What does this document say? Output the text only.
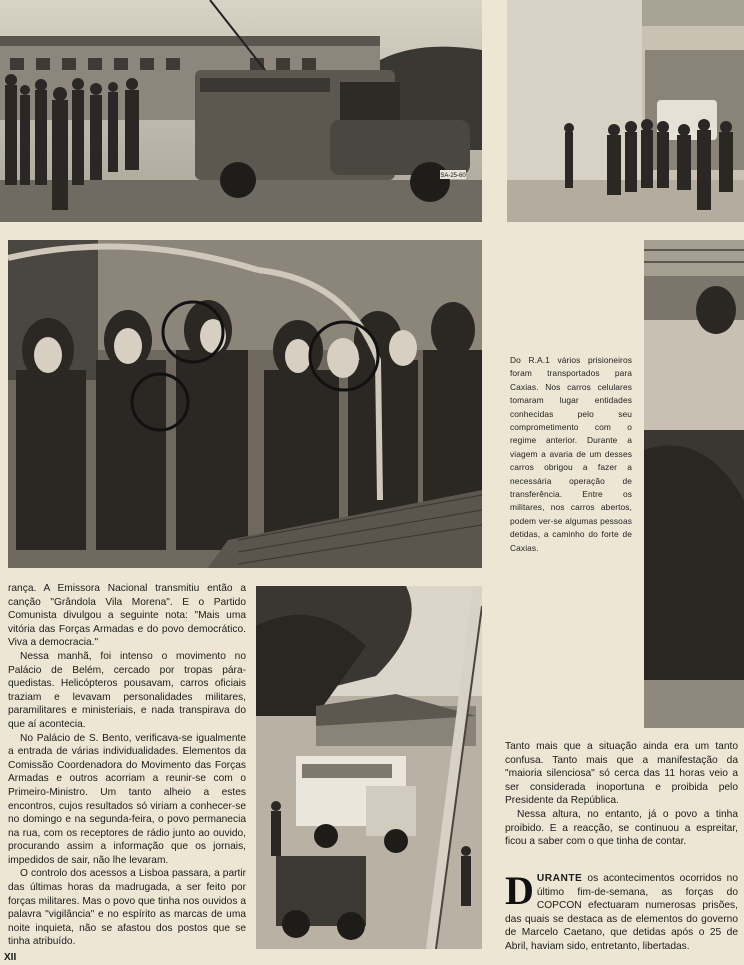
SA-25-60

Do R.A.1 vários prisioneiros foram transportados para Caxias. Nos carros celulares tomaram lugar entidades conhecidas pelo seu comprometimento com o regime anterior. Durante a viagem a avaria de um desses carros obrigou a fazer a necessária operação de transferência. Entre os militares, nos carros abertos, podem ver-se algumas pessoas detidas, a caminho do forte de Caxias.

rança. A Emissora Nacional transmitiu então a canção "Grândola Vila Morena". E o Partido Comunista divulgou a seguinte nota: "Mais uma vitória das Forças Armadas e do povo democrático. Viva a democracia."

Nessa manhã, foi intenso o movimento no Palácio de Belém, cercado por tropas pára-quedistas. Helicópteros pousavam, carros oficiais traziam e levavam personalidades militares, paramilitares e ministeriais, e nada transpirava do que aí acontecia.

No Palácio de S. Bento, verificava-se igualmente a entrada de várias individualidades. Elementos da Comissão Coordenadora do Movimento das Forças Armadas e outros acorriam a reunir-se com o Primeiro-Ministro. Um tanto alheio a estes encontros, cujos resultados só viriam a conhecer-se no domingo e na segunda-feira, o povo permanecia na rua, com os receptores de rádio junto ao ouvido, procurando assim a informação que os jornais, impedidos de sair, não lhe levaram.

O controlo dos acessos a Lisboa passara, a partir das últimas horas da madrugada, a ser feito por forças militares. Mas o povo que tinha nos ouvidos a palavra "vigilância" e no espírito as marcas de uma noite inquieta, não se afastou dos postos que se tinha atribuído.

Tanto mais que a situação ainda era um tanto confusa. Tanto mais que a manifestação da "maioria silenciosa" só cerca das 11 horas veio a ser considerada inoportuna e proibida pelo Presidente da República.

Nessa altura, no entanto, já o povo a tinha proibido. E a reacção, se continuou a espreitar, ficou a saber com o que tinha de contar.

DURANTE os acontecimentos ocorridos no último fim-de-semana, as forças do COPCON efectuaram numerosas prisões, das quais se destaca as de elementos do governo de Marcelo Caetano, que detidas após o 25 de Abril, haviam sido, entretanto, libertadas.

XII
